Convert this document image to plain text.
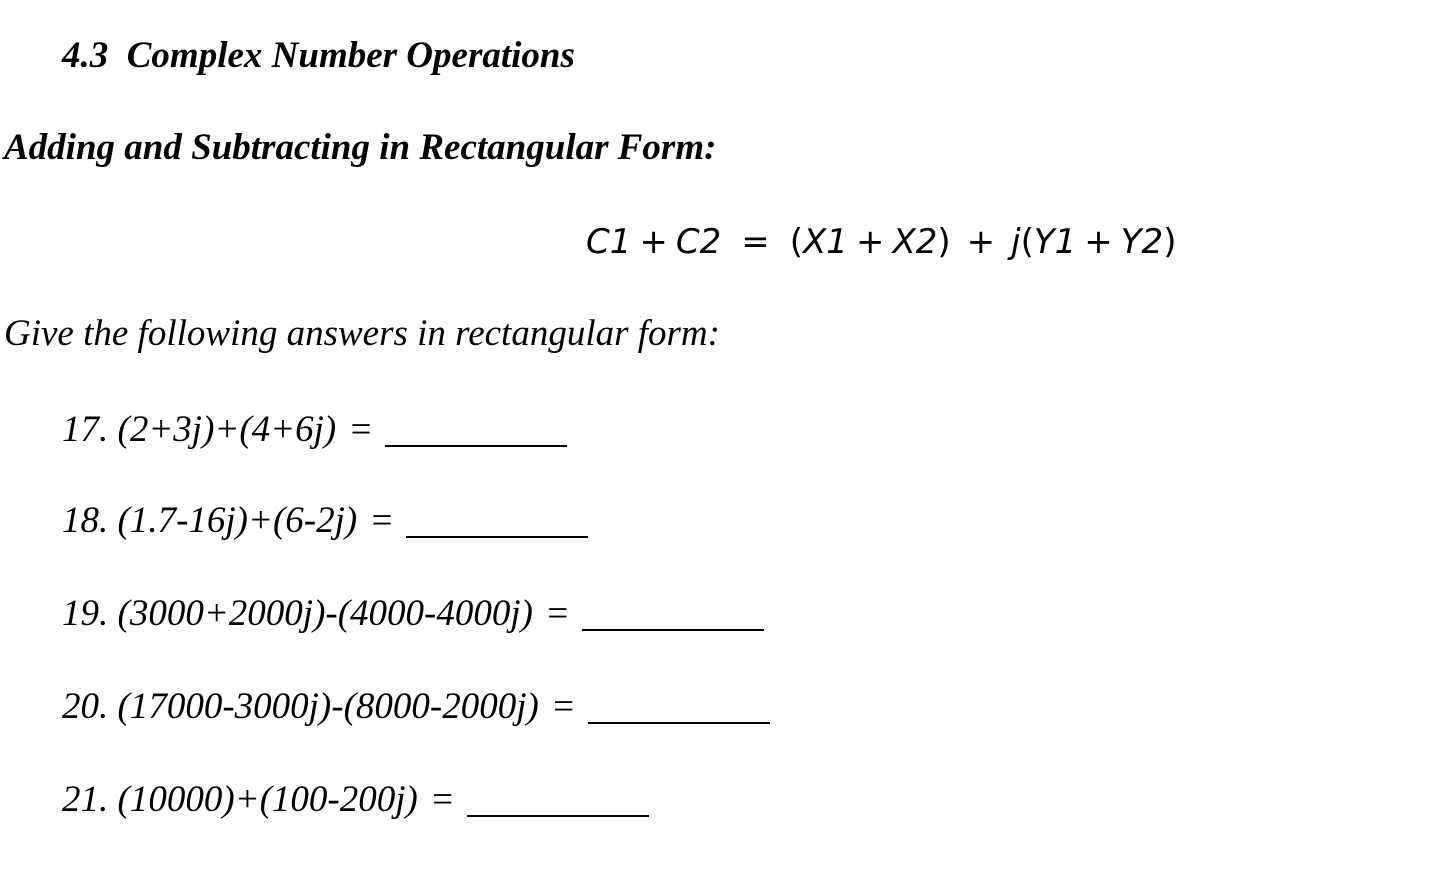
4.3 Complex Number Operations
Adding and Subtracting in Rectangular Form:
C1 + C2 = (X1 + X2) + j(Y1 + Y2)
Give the following answers in rectangular form:
17.
(2+3j)+(4+6j) =
18.
(1.7-16j)+(6-2j) =
19.
(3000+2000j)-(4000-4000j) =
20.
(17000-3000j)-(8000-2000j) =
21.
(10000)+(100-200j) =
